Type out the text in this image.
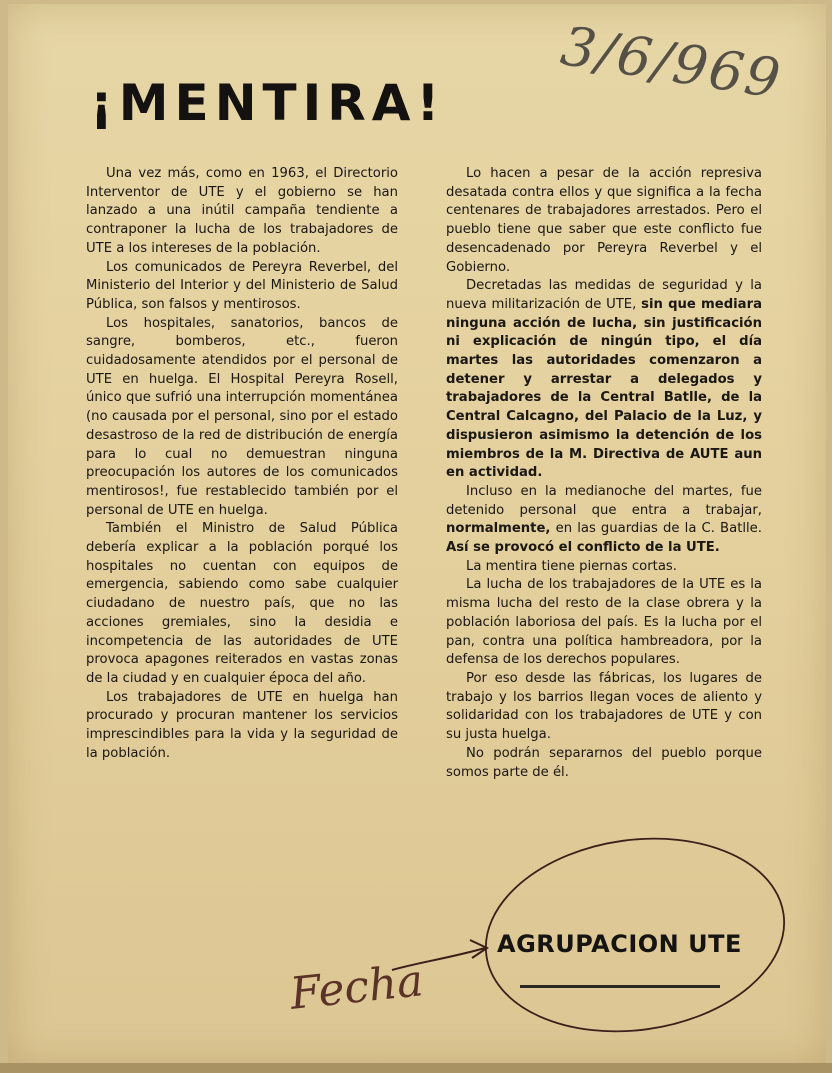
¡MENTIRA! 3/6/969

Una vez más, como en 1963, el Directorio Interventor de UTE y el gobierno se han lanzado a una inútil campaña tendiente a contraponer la lucha de los trabajadores de UTE a los intereses de la población.

Los comunicados de Pereyra Reverbel, del Ministerio del Interior y del Ministerio de Salud Pública, son falsos y mentirosos.

Los hospitales, sanatorios, bancos de sangre, bomberos, etc., fueron cuidadosamente atendidos por el personal de UTE en huelga. El Hospital Pereyra Rosell, único que sufrió una interrupción momentánea (no causada por el personal, sino por el estado desastroso de la red de distribución de energía para lo cual no demuestran ninguna preocupación los autores de los comunicados mentirosos!, fue restablecido también por el personal de UTE en huelga.

También el Ministro de Salud Pública debería explicar a la población porqué los hospitales no cuentan con equipos de emergencia, sabiendo como sabe cualquier ciudadano de nuestro país, que no las acciones gremiales, sino la desidia e incompetencia de las autoridades de UTE provoca apagones reiterados en vastas zonas de la ciudad y en cualquier época del año.

Los trabajadores de UTE en huelga han procurado y procuran mantener los servicios imprescindibles para la vida y la seguridad de la población.

Lo hacen a pesar de la acción represiva desatada contra ellos y que significa a la fecha centenares de trabajadores arrestados. Pero el pueblo tiene que saber que este conflicto fue desencadenado por Pereyra Reverbel y el Gobierno.

Decretadas las medidas de seguridad y la nueva militarización de UTE, sin que mediara ninguna acción de lucha, sin justificación ni explicación de ningún tipo, el día martes las autoridades comenzaron a detener y arrestar a delegados y trabajadores de la Central Batlle, de la Central Calcagno, del Palacio de la Luz, y dispusieron asimismo la detención de los miembros de la M. Directiva de AUTE aun en actividad.

Incluso en la medianoche del martes, fue detenido personal que entra a trabajar, normalmente, en las guardias de la C. Batlle. Así se provocó el conflicto de la UTE.

La mentira tiene piernas cortas.

La lucha de los trabajadores de la UTE es la misma lucha del resto de la clase obrera y la población laboriosa del país. Es la lucha por el pan, contra una política hambreadora, por la defensa de los derechos populares.

Por eso desde las fábricas, los lugares de trabajo y los barrios llegan voces de aliento y solidaridad con los trabajadores de UTE y con su justa huelga.

No podrán separarnos del pueblo porque somos parte de él.

AGRUPACION UTE

Fecha
